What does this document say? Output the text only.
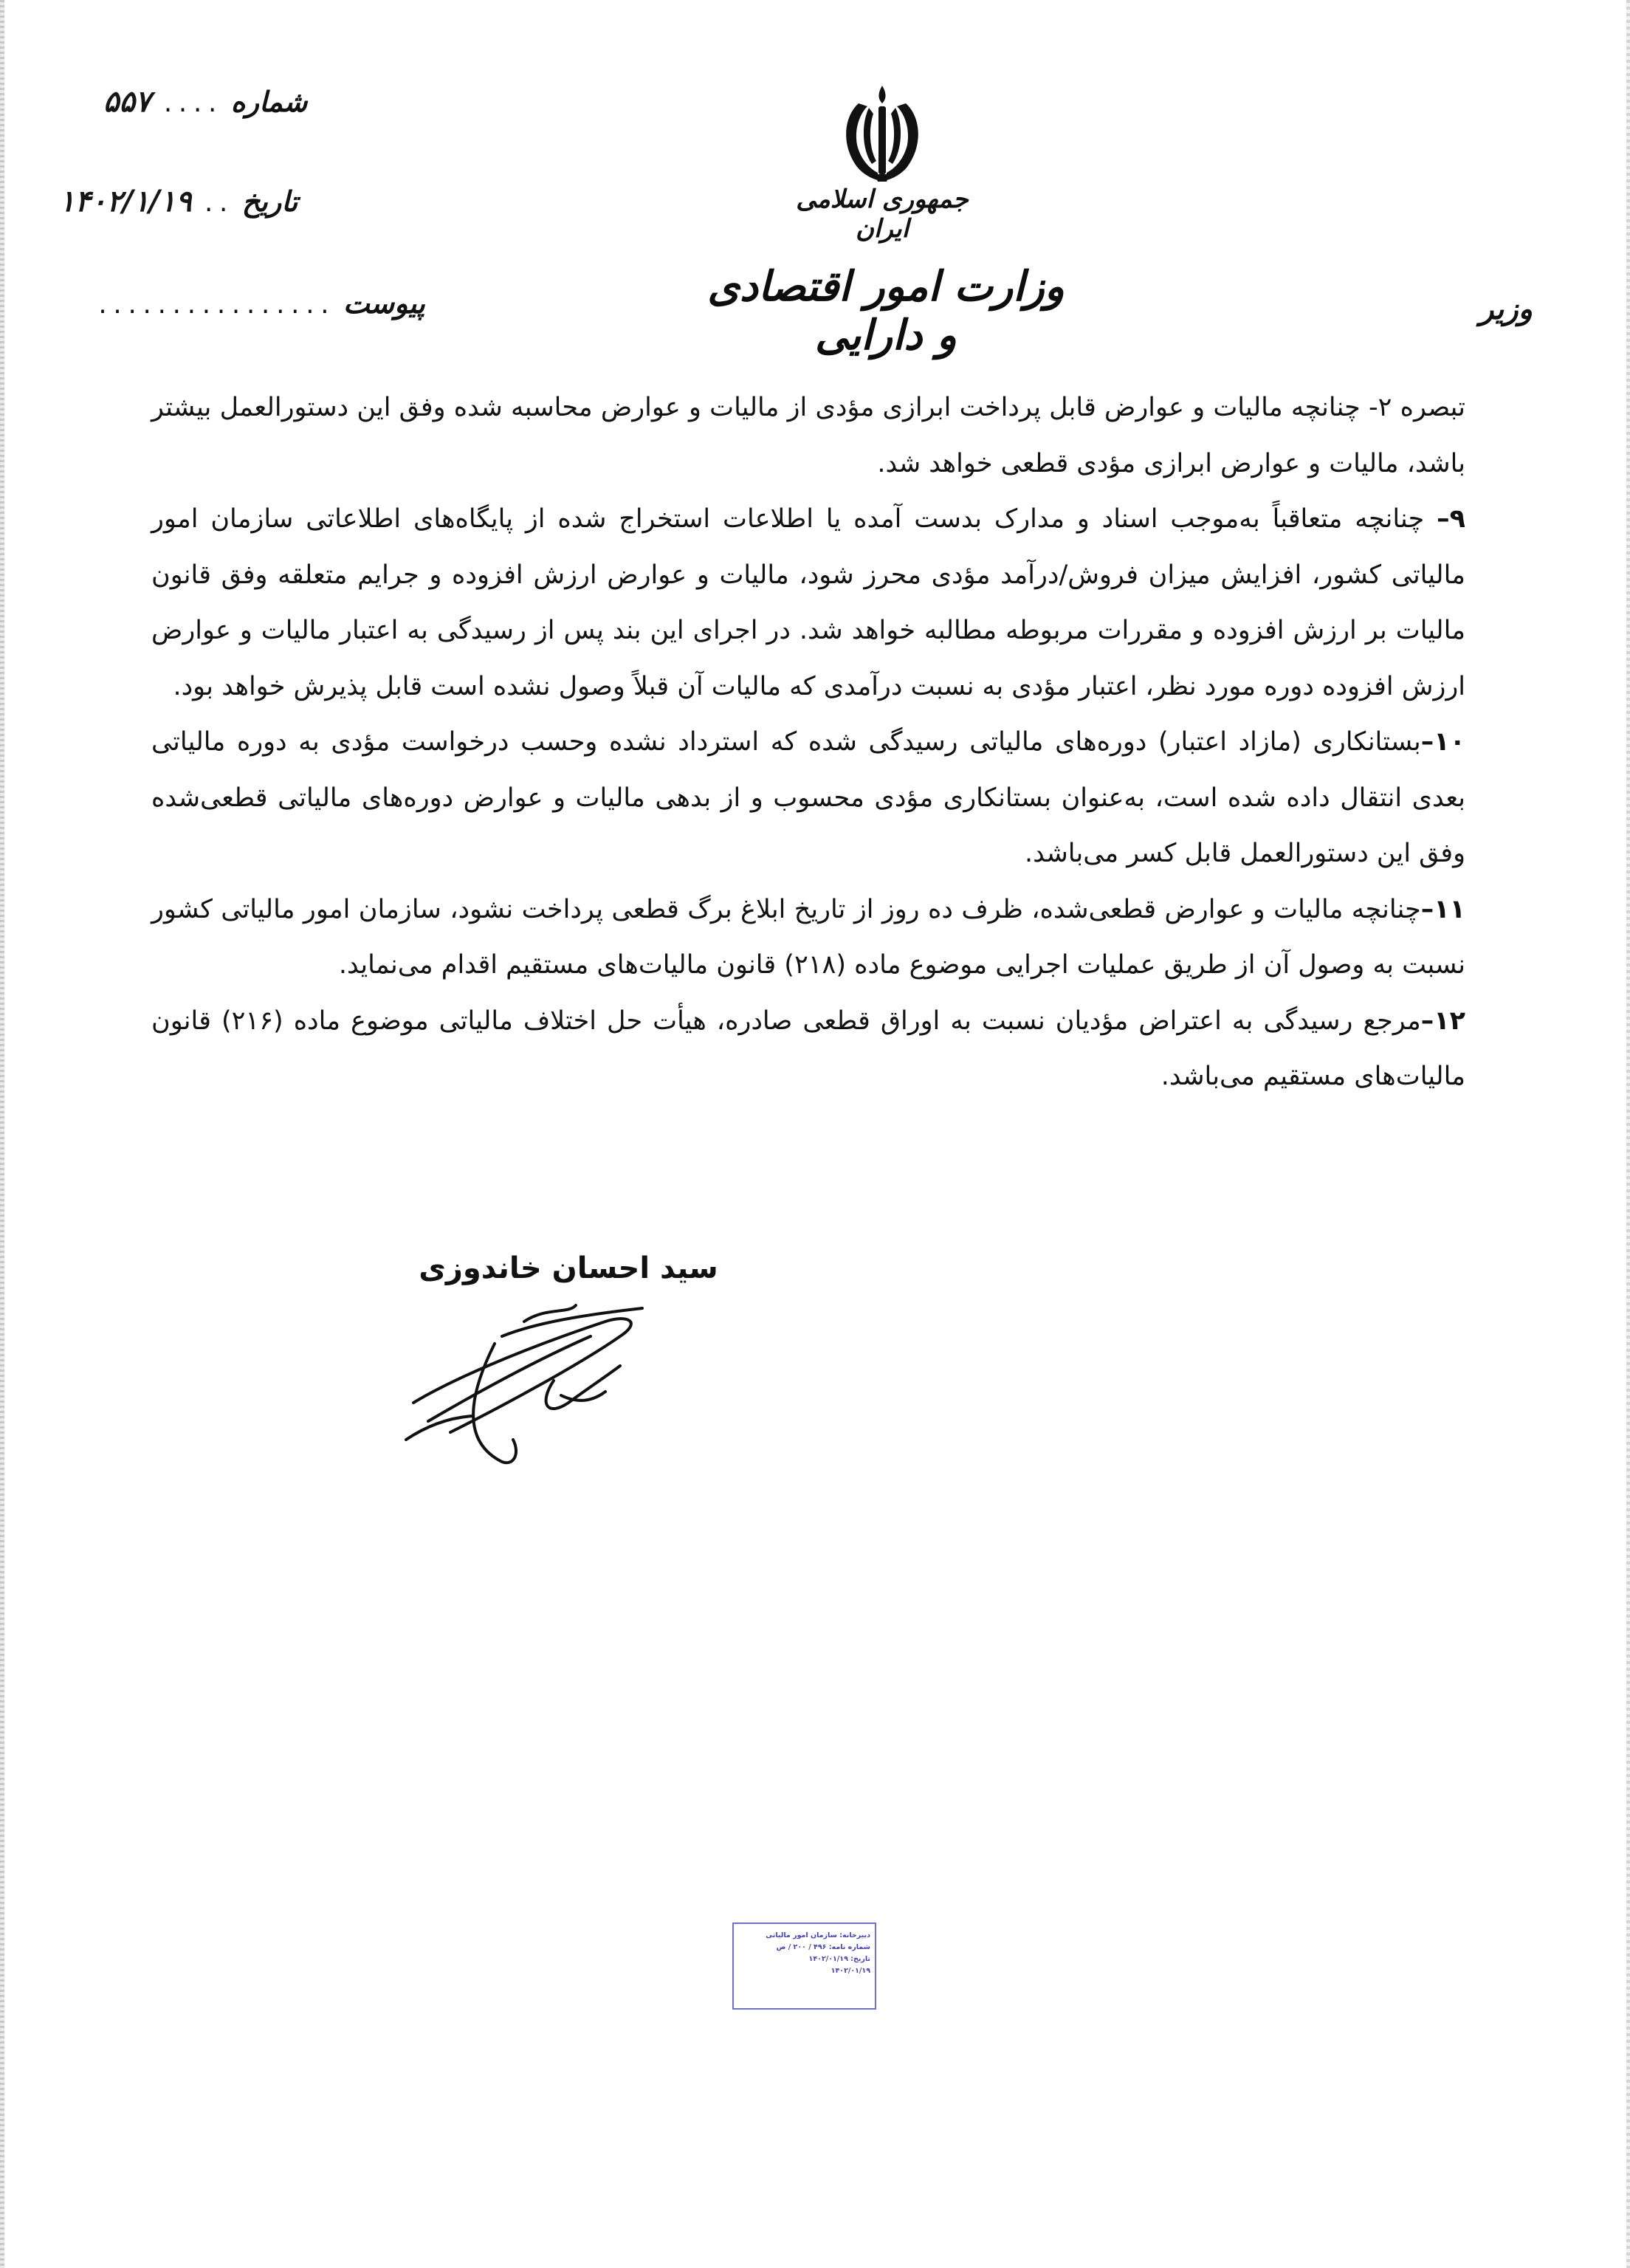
جمهوری اسلامی ایران
وزارت امور اقتصادی و دارایی
وزیر
شماره
....
۵۵۷
تاریخ
..
۱۴۰۲/۱/۱۹
پیوست
................

تبصره ۲- چنانچه مالیات و عوارض قابل پرداخت ابرازی مؤدی از مالیات و عوارض محاسبه شده وفق این دستورالعمل بیشتر باشد، مالیات و عوارض ابرازی مؤدی قطعی خواهد شد.

۹– چنانچه متعاقباً به‌موجب اسناد و مدارک بدست آمده یا اطلاعات استخراج شده از پایگاه‌های اطلاعاتی سازمان امور مالیاتی کشور، افزایش میزان فروش/درآمد مؤدی محرز شود، مالیات و عوارض ارزش افزوده و جرایم متعلقه وفق قانون مالیات بر ارزش افزوده و مقررات مربوطه مطالبه خواهد شد. در اجرای این بند پس از رسیدگی به اعتبار مالیات و عوارض ارزش افزوده دوره مورد نظر، اعتبار مؤدی به نسبت درآمدی که مالیات آن قبلاً وصول نشده است قابل پذیرش خواهد بود.

۱۰–بستانکاری (مازاد اعتبار) دوره‌های مالیاتی رسیدگی شده که استرداد نشده وحسب درخواست مؤدی به دوره مالیاتی بعدی انتقال داده شده است، به‌عنوان بستانکاری مؤدی محسوب و از بدهی مالیات و عوارض دوره‌های مالیاتی قطعی‌شده وفق این دستورالعمل قابل کسر می‌باشد.

۱۱–چنانچه مالیات و عوارض قطعی‌شده، ظرف ده روز از تاریخ ابلاغ برگ قطعی پرداخت نشود، سازمان امور مالیاتی کشور نسبت به وصول آن از طریق عملیات اجرایی موضوع ماده (۲۱۸) قانون مالیات‌های مستقیم اقدام می‌نماید.

۱۲–مرجع رسیدگی به اعتراض مؤدیان نسبت به اوراق قطعی صادره، هیأت حل اختلاف مالیاتی موضوع ماده (۲۱۶) قانون مالیات‌های مستقیم می‌باشد.

سید احسان خاندوزی
دبیرخانه: سازمان امور مالیاتی
شماره نامه: ۴۹۶ / ۲۰۰ / ص
تاریخ: ۱۴۰۲/۰۱/۱۹
۱۴۰۲/۰۱/۱۹
